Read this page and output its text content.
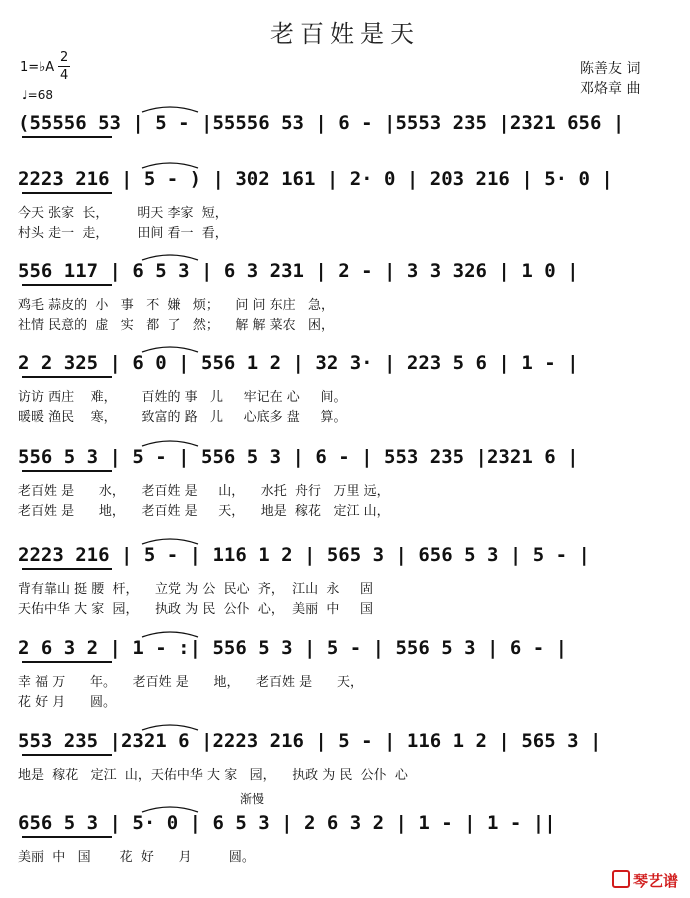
老百姓是天
陈善友 词
邓烙章 曲
1=♭A
2
4
♩=68
(55556 53 | 5 - |55556 53 | 6 - |5553 235 |2321 656 |
2223 216 | 5 - ) | 302 161 | 2· 0 | 203 216 | 5· 0 |
今天 张家  长，       明天 李家  短，
村头 走一  走，       田间 看一  看，
556 117 | 6 5 3 | 6 3 231 | 2 - | 3 3 326 | 1 0 |
鸡毛 蒜皮的  小   事   不  嫌   烦；    问 问 东庄   急，
社情 民意的  虚   实   都  了   然；    解 解 菜农   困，
2 2 325 | 6 0 | 556 1 2 | 32 3· | 223 5 6 | 1 - |
访访 西庄    难，      百姓的 事   儿     牢记在 心     间。
暖暖 渔民    寒，      致富的 路   儿     心底多 盘     算。
556 5 3 | 5 - | 556 5 3 | 6 - | 553 235 |2321 6 |
老百姓 是      水，    老百姓 是     山，    水托  舟行   万里 远，
老百姓 是      地，    老百姓 是     天，    地是  稼花   定江 山，
2223 216 | 5 - | 116 1 2 | 565 3 | 656 5 3 | 5 - |
背有靠山 挺 腰  杆，    立党 为 公  民心  齐，  江山  永     固
天佑中华 大 家  园，    执政 为 民  公仆  心，  美丽  中     国
2 6 3 2 | 1 - :| 556 5 3 | 5 - | 556 5 3 | 6 - |
幸 福 万      年。    老百姓 是      地，    老百姓 是      天，
花 好 月      圆。
553 235 |2321 6 |2223 216 | 5 - | 116 1 2 | 565 3 |
地是  稼花   定江  山，天佑中华 大 家   园，    执政 为 民  公仆  心
656 5 3 | 5· 0 | 6 5 3 | 2 6 3 2 | 1 - | 1 - ||
美丽  中   国       花  好      月         圆。
渐慢
琴艺谱
